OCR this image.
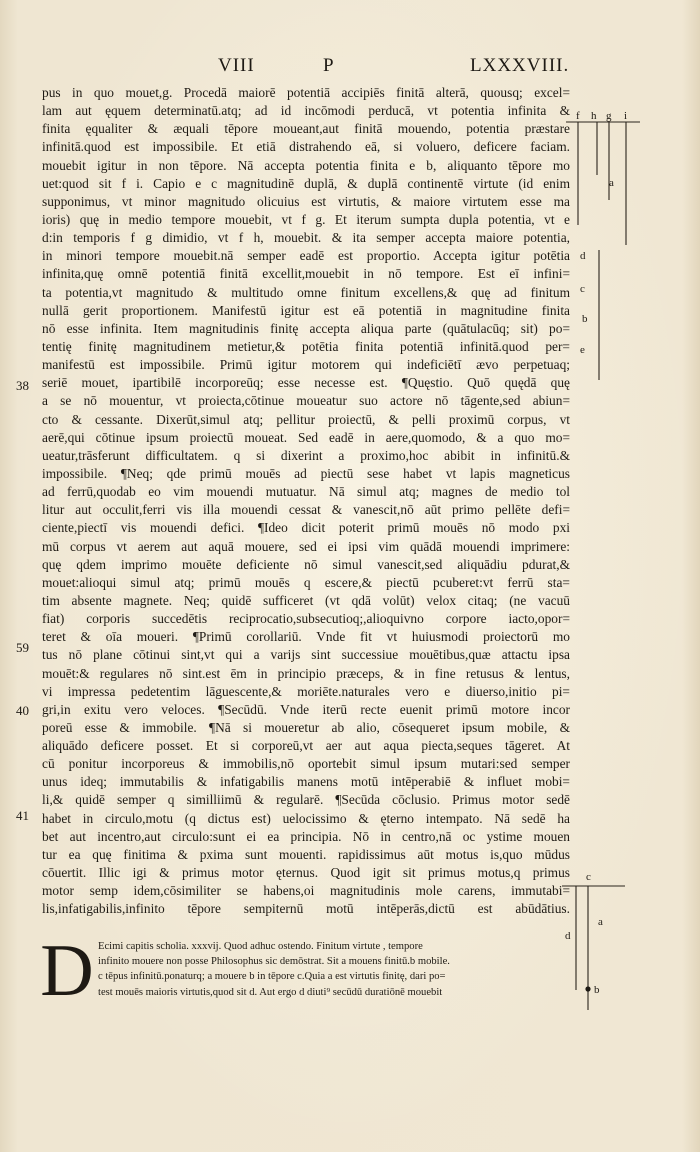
VIII	P	LXXXVIII.
pus in quo mouet,g. Procedā maiorē potentiā accipiēs finitā alterā, quousq; excel=
lam aut ęquem determinatū.atq; ad id incōmodi perducā, vt potentia infinita &
finita ęqualiter & æquali tēpore moueant,aut finitā mouendo, potentia præstare
infinitā.quod est impossibile. Et etiā distrahendo eā, si voluero, deficere faciam.
mouebit igitur in non tēpore. Nā accepta potentia finita e b, aliquanto tēpore mo
uet:quod sit f i. Capio e c magnitudinē duplā, & duplā continentē virtute (id enim
supponimus, vt minor magnitudo olicuius est virtutis, & maiore virtutem esse ma
ioris) quę in medio tempore mouebit, vt f g. Et iterum sumpta dupla potentia, vt e
d:in temporis f g dimidio, vt f h, mouebit. & ita semper accepta maiore potentia,
in minori tempore mouebit.nā semper eadē est proportio. Accepta igitur potētia
infinita,quę omnē potentiā finitā excellit,mouebit in nō tempore. Est eī infini=
ta potentia,vt magnitudo & multitudo omne finitum excellens,& quę ad finitum
nullā gerit proportionem. Manifestū igitur est eā potentiā in magnitudine finita
nō esse infinita. Item magnitudinis finitę accepta aliqua parte (quātulacūq; sit) po=
tentię finitę magnitudinem metietur,& potētia finita potentiā infinitā.quod per=
manifestū est impossibile. Primū igitur motorem qui indeficiētī ævo perpetuaq;
seriē mouet, ipartibilē incorporeūq; esse necesse est. ¶Quęstio. Quō quędā quę
a se nō mouentur, vt proiecta,cōtinue moueatur suo actore nō tāgente,sed abiun=
cto & cessante. Dixerūt,simul atq; pellitur proiectū, & pelli proximū corpus, vt
aerē,qui cōtinue ipsum proiectū moueat. Sed eadē in aere,quomodo, & a quo mo=
ueatur,trāsferunt difficultatem. q si dixerint a proximo,hoc abibit in infinitū.&
impossibile. ¶Neq; qde primū mouēs ad piectū sese habet vt lapis magneticus
ad ferrū,quodab eo vim mouendi mutuatur. Nā simul atq; magnes de medio tol
litur aut occulit,ferri vis illa mouendi cessat & vanescit,nō aūt primo pellēte defi=
ciente,piectī vis mouendi defici. ¶Ideo dicit poterit primū mouēs nō modo pxi
mū corpus vt aerem aut aquā mouere, sed ei ipsi vim quādā mouendi imprimere:
quę qdem imprimo mouēte deficiente nō simul vanescit,sed aliquādiu pdurat,&
mouet:alioqui simul atq; primū mouēs q escere,& piectū pcuberet:vt ferrū sta=
tim absente magnete. Neq; quidē sufficeret (vt qdā volūt) velox citaq; (ne vacuū
fiat) corporis succedētis reciprocatio,subsecutioq;,alioquivno corpore iacto,opor=
teret & oīa moueri. ¶Primū corollariū. Vnde fit vt huiusmodi proiectorū mo
tus nō plane cōtinui sint,vt qui a varijs sint successiue mouētibus,quæ attactu ipsa
mouēt:& regulares nō sint.est ēm in principio præceps, & in fine retusus & lentus,
vi impressa pedetentim lāguescente,& moriēte.naturales vero e diuerso,initio pi=
gri,in exitu vero veloces. ¶Secūdū. Vnde iterū recte euenit primū motore incor
poreū esse & immobile. ¶Nā si moueretur ab alio, cōsequeret ipsum mobile, &
aliquādo deficere posset. Et si corporeū,vt aer aut aqua piecta,seques tāgeret. At
cū ponitur incorporeus & immobilis,nō oportebit simul ipsum mutari:sed semper
unus ideq; immutabilis & infatigabilis manens motū intēperabiē & influet mobi=
li,& quidē semper q similliimū & regularē. ¶Secūda cōclusio. Primus motor sedē
habet in circulo,motu (q dictus est) uelocissimo & ęterno intempato. Nā sedē ha
bet aut incentro,aut circulo:sunt ei ea principia. Nō in centro,nā oc ystime mouen
tur ea quę finitima & pxima sunt mouenti. rapidissimus aūt motus is,quo mūdus
cōuertit. Illic igi & primus motor ęternus. Quod igit sit primus motus,q primus
motor semp idem,cōsimiliter se habens,oi magnitudinis mole carens, immutabi=
lis,infatigabilis,infinito tēpore sempiternū motū intēperās,dictū est abūdātius.
38
59
40
41
D Ecimi capitis scholia. xxxvij. Quod adhuc ostendo. Finitum virtute , tempore
infinito mouere non posse Philosophus sic demōstrat. Sit a mouens finitū.b mobile.
c tēpus infinitū.ponaturq; a mouere b in tēpore c.Quia a est virtutis finitę, dari po=
test mouēs maioris virtutis,quod sit d. Aut ergo d diuti⁹ secūdū duratiōnē mouebit
f h g i
a
d
c
b
e
c
a
d
b
